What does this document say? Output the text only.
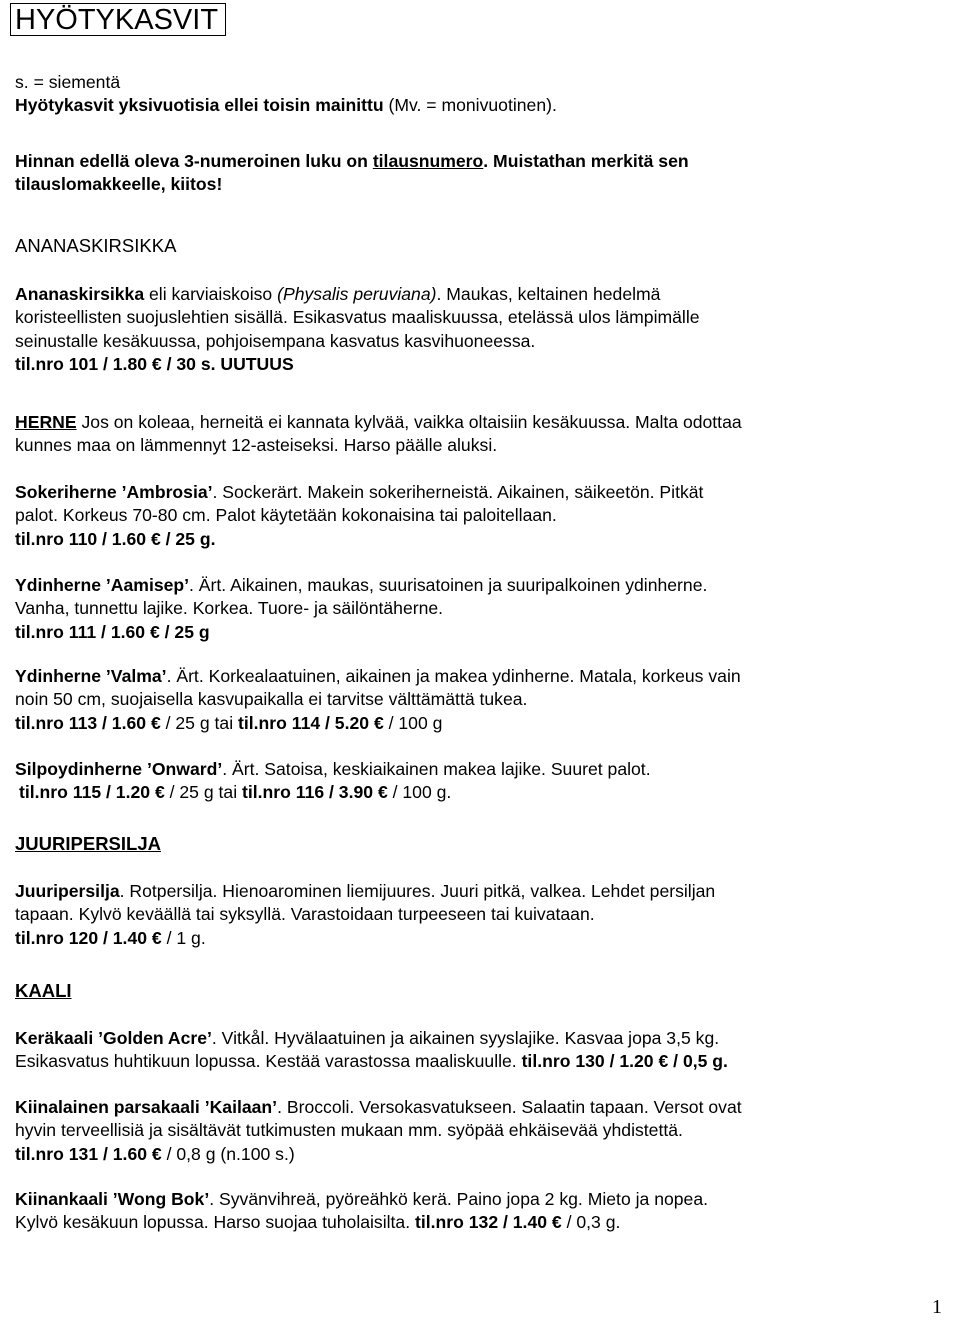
HYÖTYKASVIT
s. = siementä
Hyötykasvit yksivuotisia ellei toisin mainittu (Mv. = monivuotinen).
Hinnan edellä oleva 3-numeroinen luku on tilausnumero. Muistathan merkitä sen
tilauslomakkeelle, kiitos!
ANANASKIRSIKKA
Ananaskirsikka eli karviaiskoiso (Physalis peruviana). Maukas, keltainen hedelmä
koristeellisten suojuslehtien sisällä. Esikasvatus maaliskuussa, etelässä ulos lämpimälle
seinustalle kesäkuussa, pohjoisempana kasvatus kasvihuoneessa.
til.nro 101 / 1.80 € / 30 s. UUTUUS
HERNE Jos on koleaa, herneitä ei kannata kylvää, vaikka oltaisiin kesäkuussa. Malta odottaa
kunnes maa on lämmennyt 12-asteiseksi. Harso päälle aluksi.
Sokeriherne ’Ambrosia’. Sockerärt. Makein sokeriherneistä. Aikainen, säikeetön. Pitkät
palot. Korkeus 70-80 cm. Palot käytetään kokonaisina tai paloitellaan.
til.nro 110 / 1.60 € / 25 g.
Ydinherne ’Aamisep’. Ärt. Aikainen, maukas, suurisatoinen ja suuripalkoinen ydinherne.
Vanha, tunnettu lajike. Korkea. Tuore- ja säilöntäherne.
til.nro 111 / 1.60 € / 25 g
Ydinherne ’Valma’. Ärt. Korkealaatuinen, aikainen ja makea ydinherne. Matala, korkeus vain
noin 50 cm, suojaisella kasvupaikalla ei tarvitse välttämättä tukea.
til.nro 113 / 1.60 € / 25 g tai til.nro 114 / 5.20 € / 100 g
Silpoydinherne ’Onward’. Ärt. Satoisa, keskiaikainen makea lajike. Suuret palot.
til.nro 115 / 1.20 € / 25 g tai til.nro 116 / 3.90 € / 100 g.
JUURIPERSILJA
Juuripersilja. Rotpersilja. Hienoarominen liemijuures. Juuri pitkä, valkea. Lehdet persiljan
tapaan. Kylvö keväällä tai syksyllä. Varastoidaan turpeeseen tai kuivataan.
til.nro 120 / 1.40 € / 1 g.
KAALI
Keräkaali ’Golden Acre’. Vitkål. Hyvälaatuinen ja aikainen syyslajike. Kasvaa jopa 3,5 kg.
Esikasvatus huhtikuun lopussa. Kestää varastossa maaliskuulle. til.nro 130 / 1.20 € / 0,5 g.
Kiinalainen parsakaali ’Kailaan’. Broccoli. Versokasvatukseen. Salaatin tapaan. Versot ovat
hyvin terveellisiä ja sisältävät tutkimusten mukaan mm. syöpää ehkäisevää yhdistettä.
til.nro 131 / 1.60 € / 0,8 g (n.100 s.)
Kiinankaali ’Wong Bok’. Syvänvihreä, pyöreähkö kerä. Paino jopa 2 kg. Mieto ja nopea.
Kylvö kesäkuun lopussa. Harso suojaa tuholaisilta. til.nro 132 / 1.40 € / 0,3 g.
1
